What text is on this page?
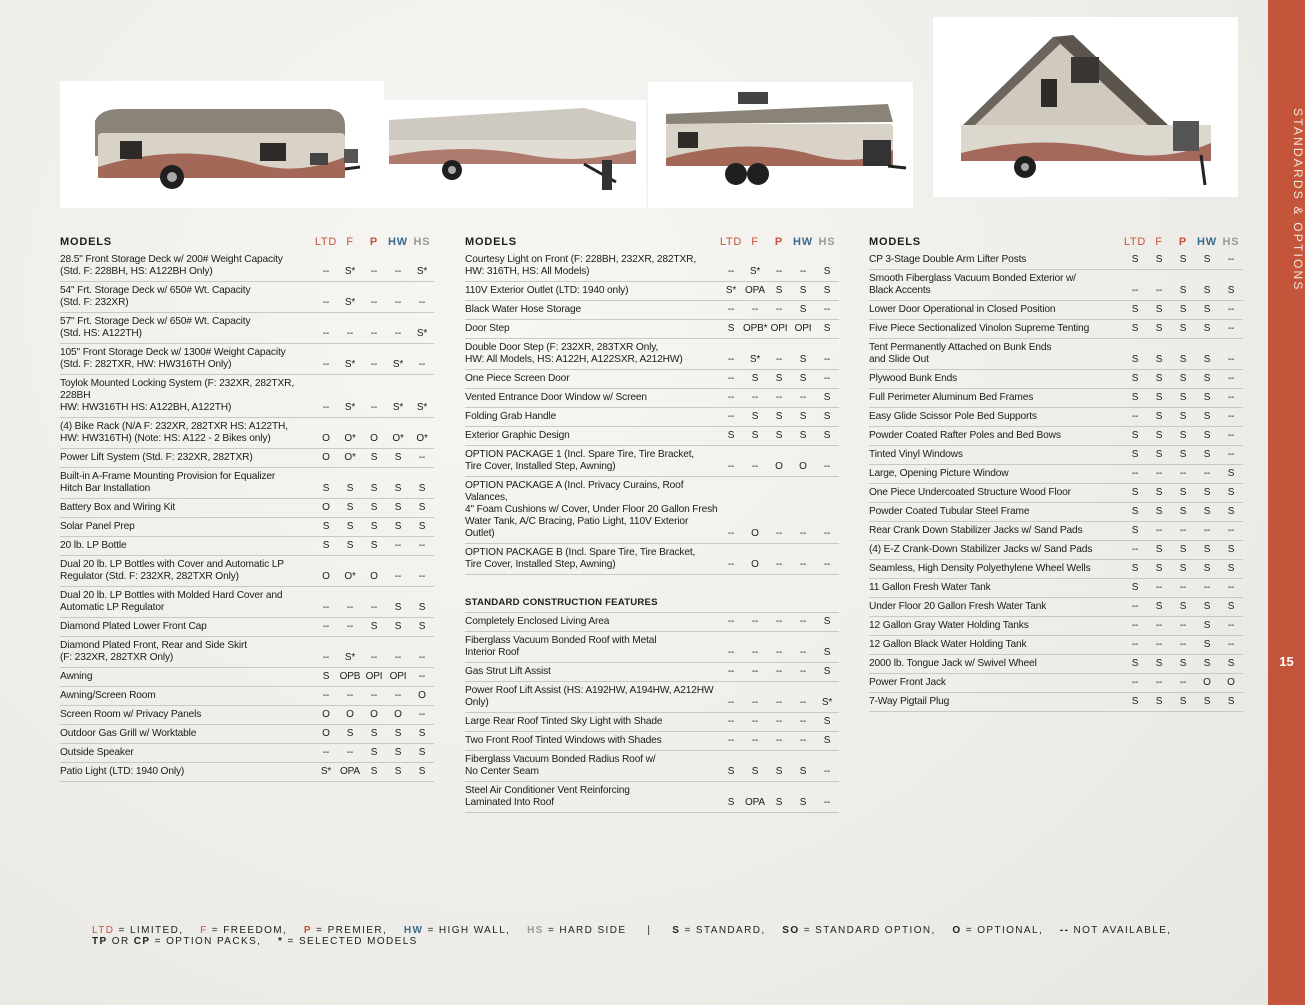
MODELS	LTD F	P HW HS
28.5" Front Storage Deck w/ 200# Weight Capacity
(Std. F: 228BH, HS: A122BH Only)	--	S*	--	--	S*
54" Frt. Storage Deck w/ 650# Wt. Capacity
(Std. F: 232XR)	--	S*	--	--	--
57" Frt. Storage Deck w/ 650# Wt. Capacity
(Std. HS: A122TH)	--	--	--	--	S*
105" Front Storage Deck w/ 1300# Weight Capacity
(Std. F: 282TXR, HW: HW316TH Only)	--	S*	--	S*	--
Toylok Mounted Locking System (F: 232XR, 282TXR, 228BH
HW: HW316TH HS: A122BH, A122TH)	--	S*	--	S*	S*
(4) Bike Rack (N/A F: 232XR, 282TXR HS: A122TH,
HW: HW316TH) (Note: HS: A122 - 2 Bikes only)	O	O*	O	O*	O*
Power Lift System (Std. F: 232XR, 282TXR)	O	O*	S	S	--
Built-in A-Frame Mounting Provision for Equalizer
Hitch Bar Installation	S	S	S	S	S
Battery Box and Wiring Kit	O	S	S	S	S
Solar Panel Prep	S	S	S	S	S
20 lb. LP Bottle	S	S	S	--	--
Dual 20 lb. LP Bottles with Cover and Automatic LP
Regulator (Std. F: 232XR, 282TXR Only)	O	O*	O	--	--
Dual 20 lb. LP Bottles with Molded Hard Cover and
Automatic LP Regulator	--	--	--	S	S
Diamond Plated Lower Front Cap	--	--	S	S	S
Diamond Plated Front, Rear and Side Skirt
(F: 232XR, 282TXR Only)	--	S*	--	--	--
Awning	S	OPB OPI OPI	--
Awning/Screen Room	--	--	--	--	O
Screen Room w/ Privacy Panels	O	O	O	O	--
Outdoor Gas Grill w/ Worktable	O	S	S	S	S
Outside Speaker	--	--	S	S	S
Patio Light (LTD: 1940 Only)	S* OPA	S	S	S
MODELS	LTD F	P HW HS
Courtesy Light on Front (F: 228BH, 232XR, 282TXR,
HW: 316TH, HS: All Models)	--	S*	--	--	S
110V Exterior Outlet (LTD: 1940 only)	S* OPA	S	S	S
Black Water Hose Storage	--	--	--	S	--
Door Step	S OPB* OPI OPI	S
Double Door Step (F: 232XR, 283TXR Only,
HW: All Models, HS: A122H, A122SXR, A212HW)	--	S*	--	S	--
One Piece Screen Door	--	S	S	S	--
Vented Entrance Door Window w/ Screen	--	--	--	--	S
Folding Grab Handle	--	S	S	S	S
Exterior Graphic Design	S	S	S	S	S
OPTION PACKAGE 1 (Incl. Spare Tire, Tire Bracket,
Tire Cover, Installed Step, Awning)	--	--	O	O	--
OPTION PACKAGE A (Incl. Privacy Curains, Roof Valances,
4" Foam Cushions w/ Cover, Under Floor 20 Gallon Fresh
Water Tank, A/C Bracing, Patio Light, 110V Exterior Outlet)	--	O	--	--	--
OPTION PACKAGE B (Incl. Spare Tire, Tire Bracket,
Tire Cover, Installed Step, Awning)	--	O	--	--	--
STANDARD CONSTRUCTION FEATURES
Completely Enclosed Living Area	--	--	--	--	S
Fiberglass Vacuum Bonded Roof with Metal
Interior Roof	--	--	--	--	S
Gas Strut Lift Assist	--	--	--	--	S
Power Roof Lift Assist (HS: A192HW, A194HW, A212HW Only)	--	--	--	--	S*
Large Rear Roof Tinted Sky Light with Shade	--	--	--	--	S
Two Front Roof Tinted Windows with Shades	--	--	--	--	S
Fiberglass Vacuum Bonded Radius Roof w/
No Center Seam	S	S	S	S	--
Steel Air Conditioner Vent Reinforcing
Laminated Into Roof	S	OPA	S	S	--
MODELS	LTD F	P HW HS
CP 3-Stage Double Arm Lifter Posts	S	S	S	S	--
Smooth Fiberglass Vacuum Bonded Exterior w/
Black Accents	--	--	S	S	S
Lower Door Operational in Closed Position	S	S	S	S	--
Five Piece Sectionalized Vinolon Supreme Tenting	S	S	S	S	--
Tent Permanently Attached on Bunk Ends
and Slide Out	S	S	S	S	--
Plywood Bunk Ends	S	S	S	S	--
Full Perimeter Aluminum Bed Frames	S	S	S	S	--
Easy Glide Scissor Pole Bed Supports	--	S	S	S	--
Powder Coated Rafter Poles and Bed Bows	S	S	S	S	--
Tinted Vinyl Windows	S	S	S	S	--
Large, Opening Picture Window	--	--	--	--	S
One Piece Undercoated Structure Wood Floor	S	S	S	S	S
Powder Coated Tubular Steel Frame	S	S	S	S	S
Rear Crank Down Stabilizer Jacks w/ Sand Pads	S	--	--	--	--
(4) E-Z Crank-Down Stabilizer Jacks w/ Sand Pads	--	S	S	S	S
Seamless, High Density Polyethylene Wheel Wells	S	S	S	S	S
11 Gallon Fresh Water Tank	S	--	--	--	--
Under Floor 20 Gallon Fresh Water Tank	--	S	S	S	S
12 Gallon Gray Water Holding Tanks	--	--	--	S	--
12 Gallon Black Water Holding Tank	--	--	--	S	--
2000 lb. Tongue Jack w/ Swivel Wheel	S	S	S	S	S
Power Front Jack	--	--	--	O	O
7-Way Pigtail Plug	S	S	S	S	S
LTD = LIMITED, F = FREEDOM, P = PREMIER, HW = HIGH WALL, HS = HARD SIDE | S = STANDARD, SO = STANDARD OPTION, O = OPTIONAL, -- NOT AVAILABLE,    TP OR CP = OPTION PACKS, * = SELECTED MODELS
STANDARDS & OPTIONS
15
